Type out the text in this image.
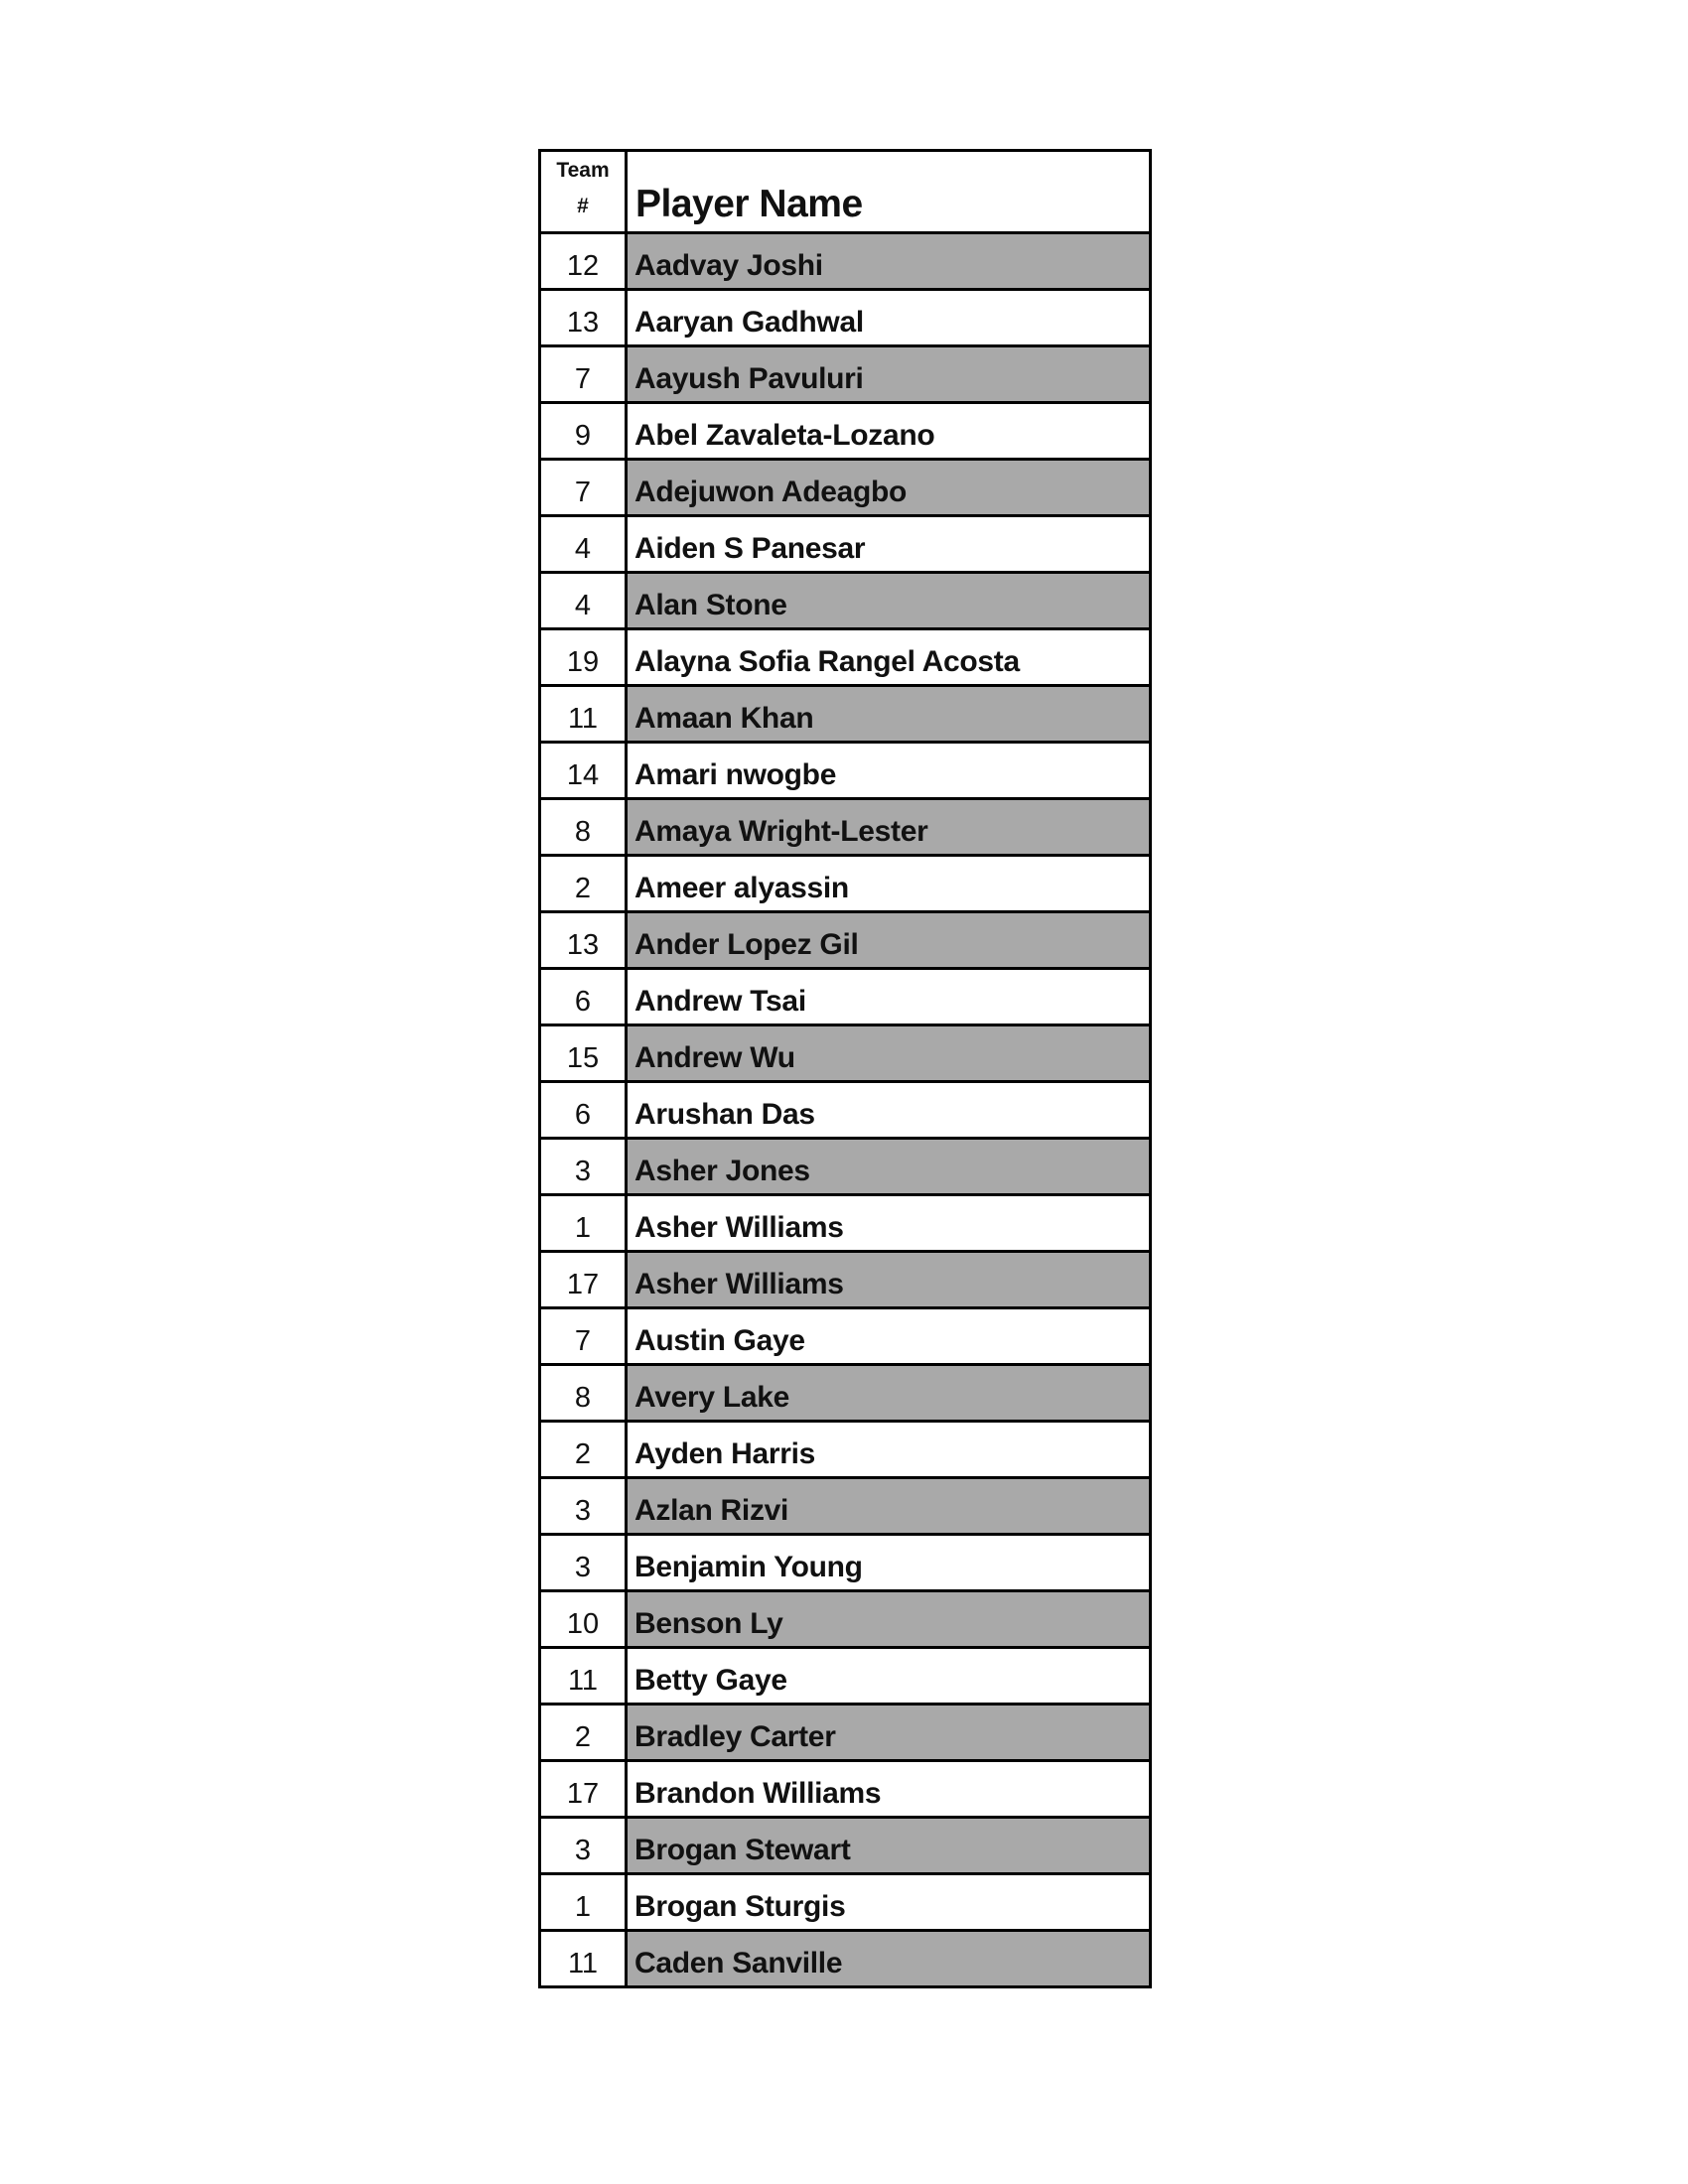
Team
#	Player Name
12	Aadvay Joshi
13	Aaryan Gadhwal
7	Aayush Pavuluri
9	Abel Zavaleta-Lozano
7	Adejuwon Adeagbo
4	Aiden S Panesar
4	Alan Stone
19	Alayna Sofia Rangel Acosta
11	Amaan Khan
14	Amari nwogbe
8	Amaya Wright-Lester
2	Ameer alyassin
13	Ander Lopez Gil
6	Andrew Tsai
15	Andrew Wu
6	Arushan Das
3	Asher Jones
1	Asher Williams
17	Asher Williams
7	Austin Gaye
8	Avery Lake
2	Ayden Harris
3	Azlan Rizvi
3	Benjamin Young
10	Benson Ly
11	Betty Gaye
2	Bradley Carter
17	Brandon Williams
3	Brogan Stewart
1	Brogan Sturgis
11	Caden Sanville
